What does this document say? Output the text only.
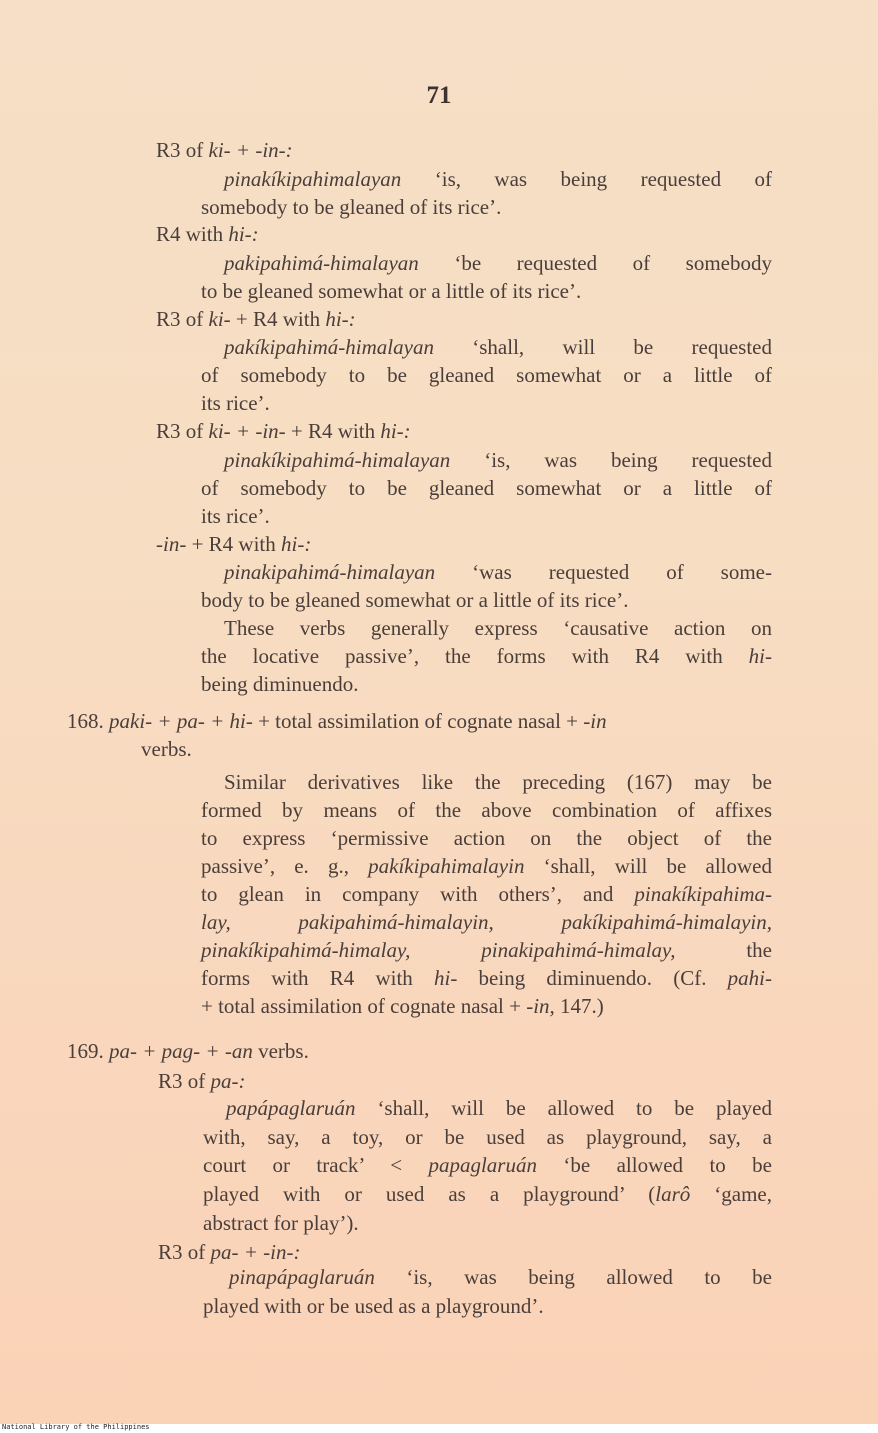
71
R3 of ki- + -in-:
pinakíkipahimalayan ‘is, was being requested of
somebody to be gleaned of its rice’.
R4 with hi-:
pakipahimá-himalayan ‘be requested of somebody
to be gleaned somewhat or a little of its rice’.
R3 of ki- + R4 with hi-:
pakíkipahimá-himalayan ‘shall, will be requested
of somebody to be gleaned somewhat or a little of
its rice’.
R3 of ki- + -in- + R4 with hi-:
pinakíkipahimá-himalayan ‘is, was being requested
of somebody to be gleaned somewhat or a little of
its rice’.
-in- + R4 with hi-:
pinakipahimá-himalayan ‘was requested of some-
body to be gleaned somewhat or a little of its rice’.
These verbs generally express ‘causative action on
the locative passive’, the forms with R4 with hi-
being diminuendo.
168. paki- + pa- + hi- + total assimilation of cognate nasal + -in
verbs.
Similar derivatives like the preceding (167) may be
formed by means of the above combination of affixes
to express ‘permissive action on the object of the
passive’, e. g., pakíkipahimalayin ‘shall, will be allowed
to glean in company with others’, and pinakíkipahima-
lay, pakipahimá-himalayin, pakíkipahimá-himalayin,
pinakíkipahimá-himalay, pinakipahimá-himalay, the
forms with R4 with hi- being diminuendo. (Cf. pahi-
+ total assimilation of cognate nasal + -in, 147.)
169. pa- + pag- + -an verbs.
R3 of pa-:
papápaglaruán ‘shall, will be allowed to be played
with, say, a toy, or be used as playground, say, a
court or track’ < papaglaruán ‘be allowed to be
played with or used as a playground’ (larô ‘game,
abstract for play’).
R3 of pa- + -in-:
pinapápaglaruán ‘is, was being allowed to be
played with or be used as a playground’.
National Library of the Philippines
